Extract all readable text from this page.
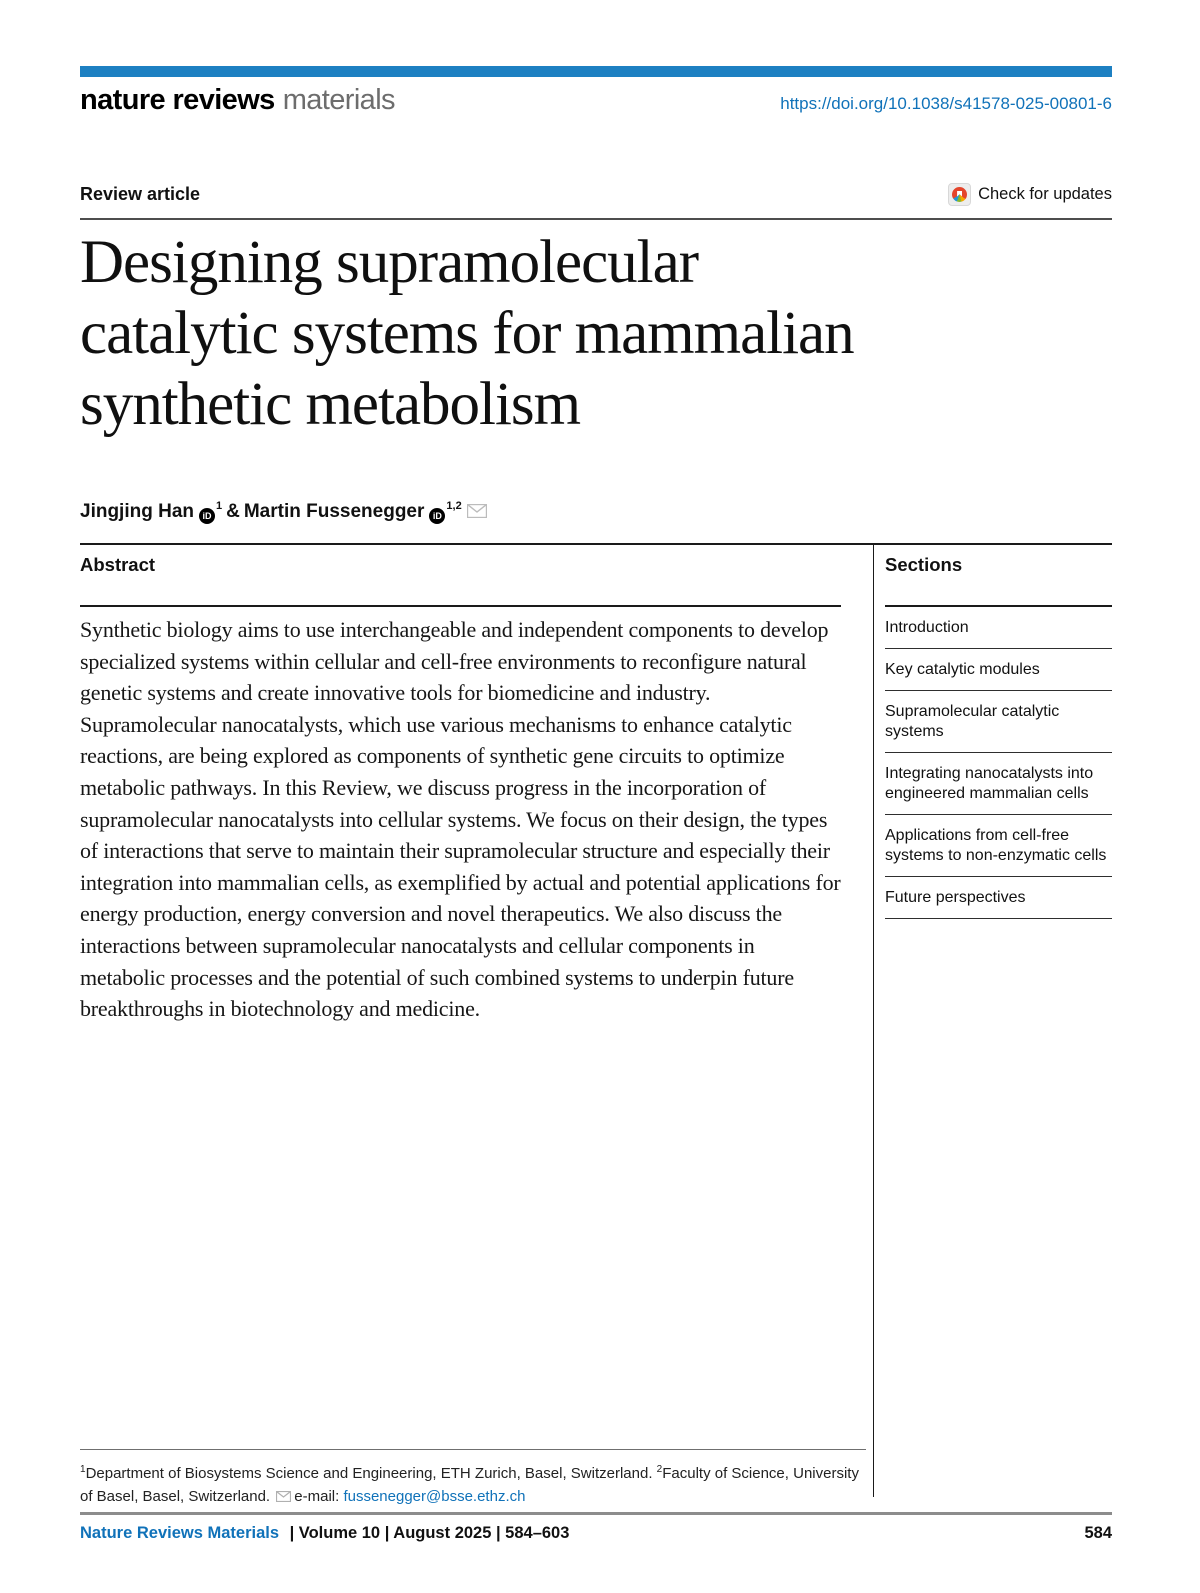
nature reviews materials	https://doi.org/10.1038/s41578-025-00801-6
Review article	Check for updates
Designing supramolecular
catalytic systems for mammalian
synthetic metabolism
Jingjing Han $iD^1$ & Martin Fussenegger iD$^{1,2}$
Abstract

Synthetic biology aims to use interchangeable and independent components to develop specialized systems within cellular and cell-free environments to reconfigure natural genetic systems and create innovative tools for biomedicine and industry. Supramolecular nanocatalysts, which use various mechanisms to enhance catalytic reactions, are being explored as components of synthetic gene circuits to optimize metabolic pathways. In this Review, we discuss progress in the incorporation of supramolecular nanocatalysts into cellular systems. We focus on their design, the types of interactions that serve to maintain their supramolecular structure and especially their integration into mammalian cells, as exemplified by actual and potential applications for energy production, energy conversion and novel therapeutics. We also discuss the interactions between supramolecular nanocatalysts and cellular components in metabolic processes and the potential of such combined systems to underpin future breakthroughs in biotechnology and medicine.

Sections
Introduction
Key catalytic modules
Supramolecular catalytic systems
Integrating nanocatalysts into engineered mammalian cells
Applications from cell-free systems to non-enzymatic cells
Future perspectives
$^1$Department of Biosystems Science and Engineering, ETH Zurich, Basel, Switzerland. $^2$Faculty of Science, University of Basel, Basel, Switzerland. e-mail: fussenegger@bsse.ethz.ch
Nature Reviews Materials | Volume 10 | August 2025 | 584–603	584
